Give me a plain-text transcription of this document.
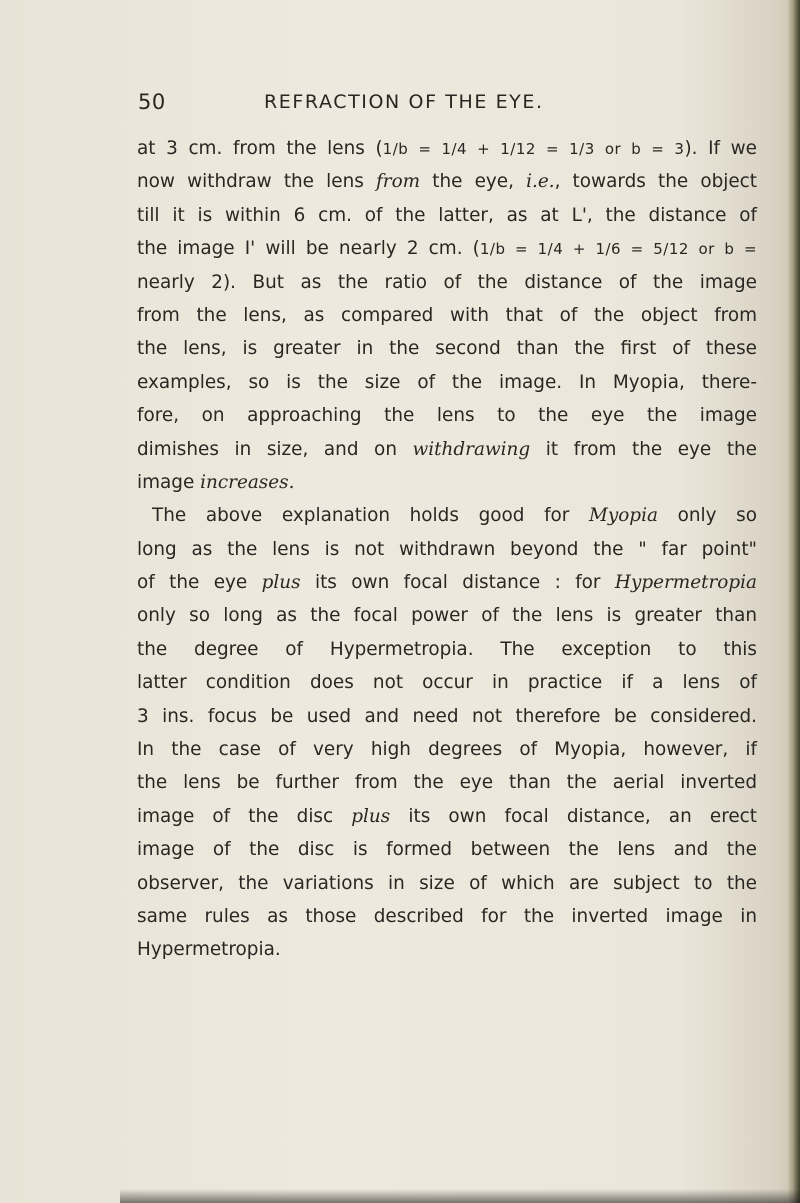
50	REFRACTION OF THE EYE.
at 3 cm. from the lens (1/b = 1/4 + 1/12 = 1/3 or b = 3). If we
now withdraw the lens from the eye, i.e., towards the object
till it is within 6 cm. of the latter, as at L', the distance of
the image I' will be nearly 2 cm. (1/b = 1/4 + 1/6 = 5/12 or b =
nearly 2). But as the ratio of the distance of the image
from the lens, as compared with that of the object from
the lens, is greater in the second than the first of these
examples, so is the size of the image. In Myopia, there-
fore, on approaching the lens to the eye the image
dimishes in size, and on withdrawing it from the eye the
image increases.
The above explanation holds good for Myopia only so
long as the lens is not withdrawn beyond the " far point"
of the eye plus its own focal distance : for Hypermetropia
only so long as the focal power of the lens is greater than
the degree of Hypermetropia. The exception to this
latter condition does not occur in practice if a lens of
3 ins. focus be used and need not therefore be considered.
In the case of very high degrees of Myopia, however, if
the lens be further from the eye than the aerial inverted
image of the disc plus its own focal distance, an erect
image of the disc is formed between the lens and the
observer, the variations in size of which are subject to the
same rules as those described for the inverted image in
Hypermetropia.
